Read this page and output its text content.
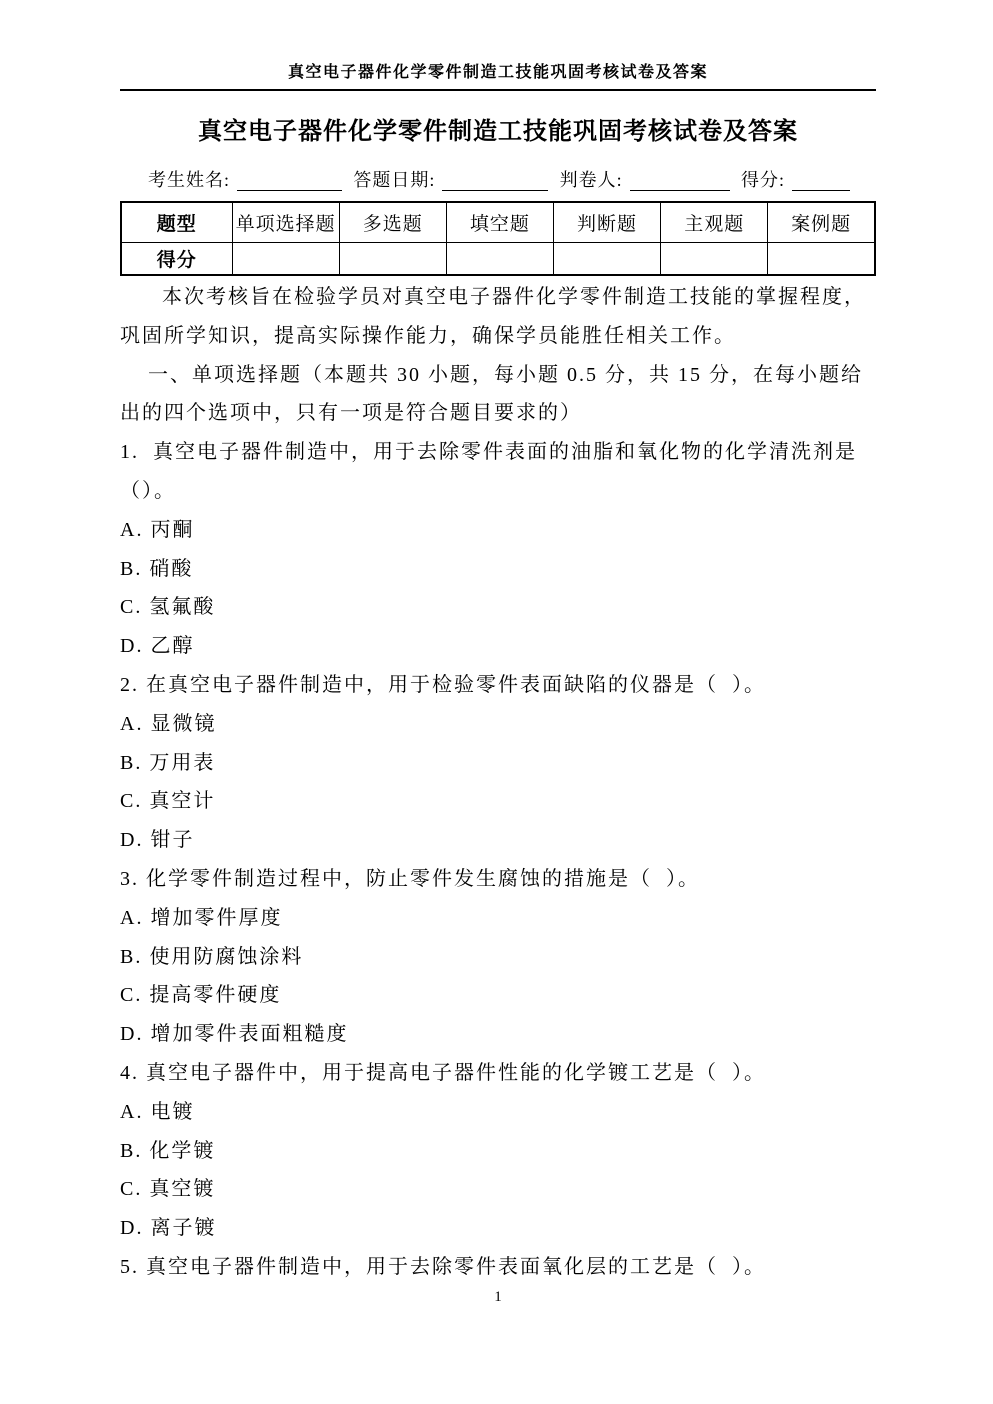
真空电子器件化学零件制造工技能巩固考核试卷及答案
真空电子器件化学零件制造工技能巩固考核试卷及答案
考生姓名:	答题日期:	判卷人:	得分:
题型	单项选择题	多选题	填空题	判断题	主观题	案例题
得分						

本次考核旨在检验学员对真空电子器件化学零件制造工技能的掌握程度，巩固所学知识，提高实际操作能力，确保学员能胜任相关工作。

一、单项选择题（本题共 30 小题，每小题 0.5 分，共 15 分，在每小题给出的四个选项中，只有一项是符合题目要求的）

1.  真空电子器件制造中，用于去除零件表面的油脂和氧化物的化学清洗剂是（）。

A. 丙酮

B. 硝酸

C. 氢氟酸

D. 乙醇

2. 在真空电子器件制造中，用于检验零件表面缺陷的仪器是（  ）。

A. 显微镜

B. 万用表

C. 真空计

D. 钳子

3. 化学零件制造过程中，防止零件发生腐蚀的措施是（  ）。

A. 增加零件厚度

B. 使用防腐蚀涂料

C. 提高零件硬度

D. 增加零件表面粗糙度

4. 真空电子器件中，用于提高电子器件性能的化学镀工艺是（  ）。

A. 电镀

B. 化学镀

C. 真空镀

D. 离子镀

5. 真空电子器件制造中，用于去除零件表面氧化层的工艺是（  ）。

1
